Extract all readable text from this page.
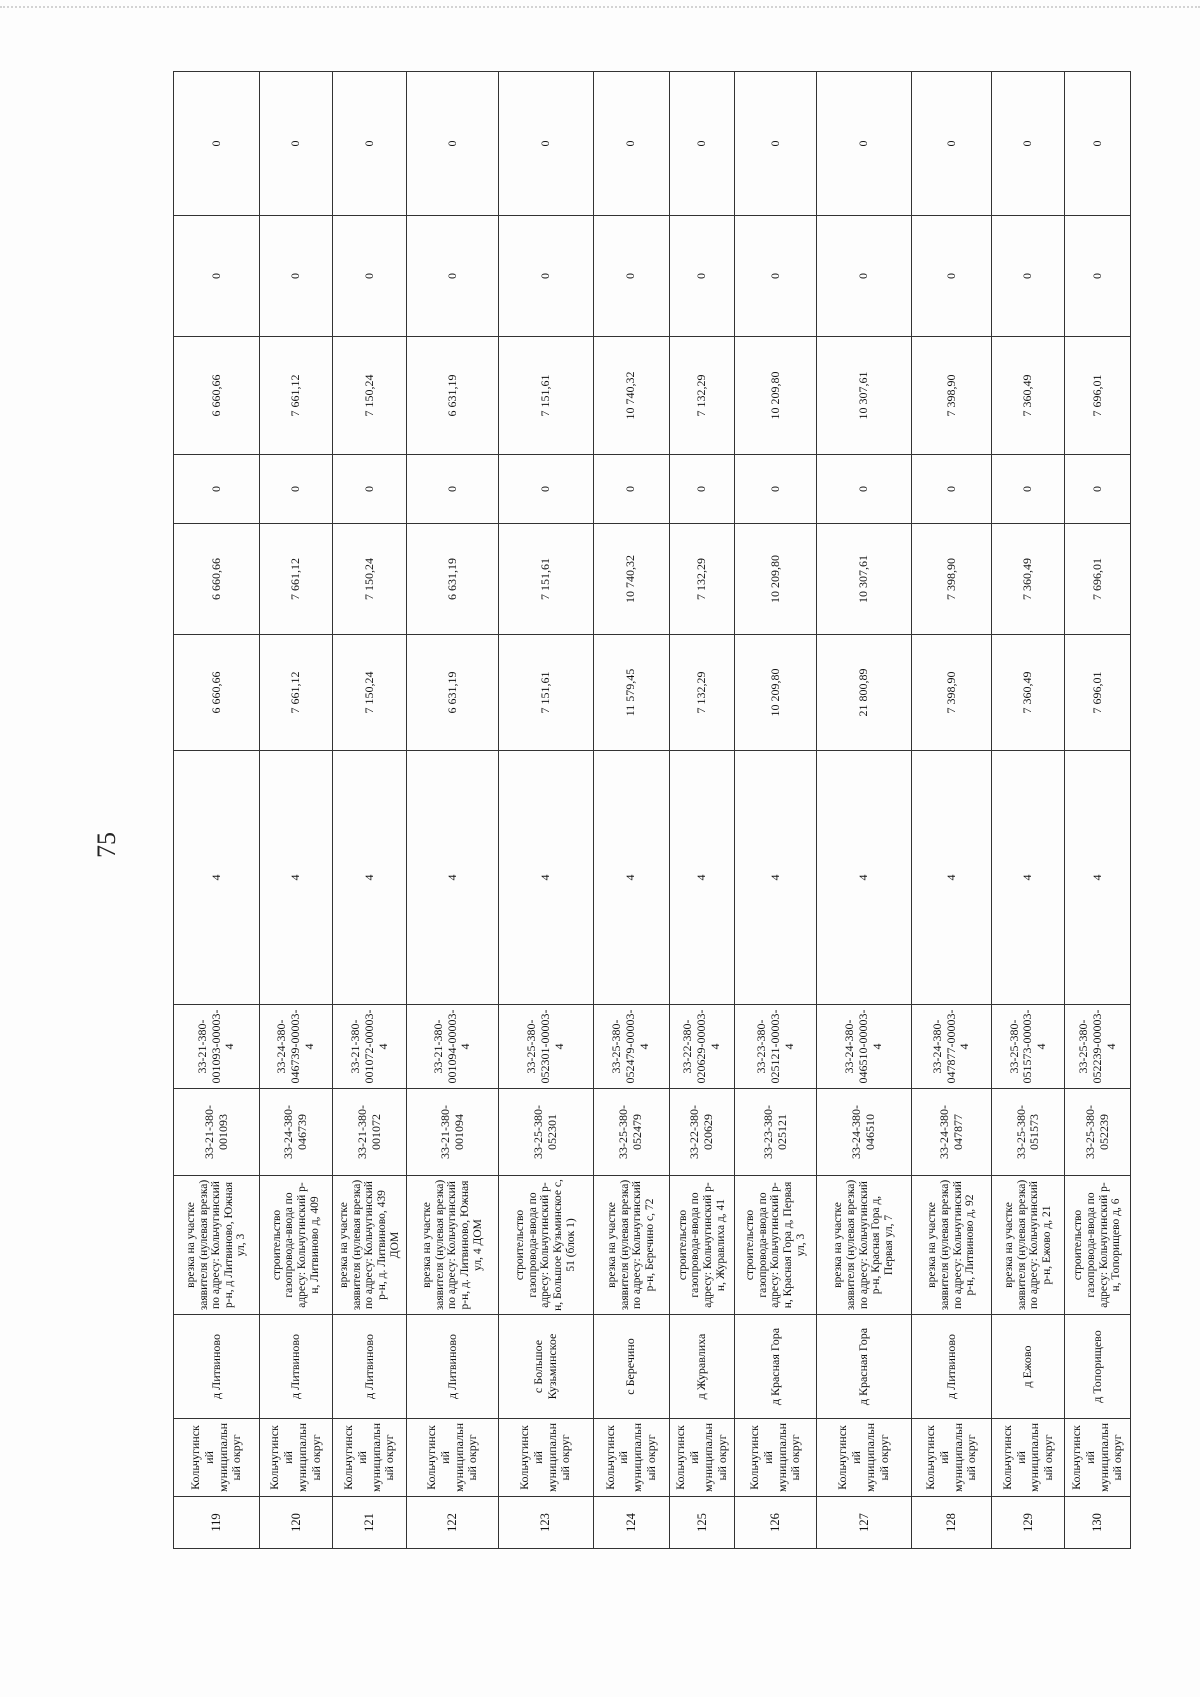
75
119	Кольчугинский муниципальный округ	д Литвиново	врезка на участке заявителя (нулевая врезка) по адресу: Кольчугинский р-н, д Литвиново, Южная ул, 3	33-21-380-001093	33-21-380-001093-00003-4	4	6 660,66	6 660,66	0	6 660,66	0	0
120	Кольчугинский муниципальный округ	д Литвиново	строительство газопровода-ввода по адресу: Кольчугинский р-н, Литвиново д, 409	33-24-380-046739	33-24-380-046739-00003-4	4	7 661,12	7 661,12	0	7 661,12	0	0
121	Кольчугинский муниципальный округ	д Литвиново	врезка на участке заявителя (нулевая врезка) по адресу: Кольчугинский р-н, д. Литвиново, 439 ДОМ	33-21-380-001072	33-21-380-001072-00003-4	4	7 150,24	7 150,24	0	7 150,24	0	0
122	Кольчугинский муниципальный округ	д Литвиново	врезка на участке заявителя (нулевая врезка) по адресу: Кольчугинский р-н, д. Литвиново, Южная ул, 4 ДОМ	33-21-380-001094	33-21-380-001094-00003-4	4	6 631,19	6 631,19	0	6 631,19	0	0
123	Кольчугинский муниципальный округ	с Большое Кузьминское	строительство газопровода-ввода по адресу: Кольчугинский р-н, Большое Кузьминское с, 51 (блок 1)	33-25-380-052301	33-25-380-052301-00003-4	4	7 151,61	7 151,61	0	7 151,61	0	0
124	Кольчугинский муниципальный округ	с Беречино	врезка на участке заявителя (нулевая врезка) по адресу: Кольчугинский р-н, Беречино с, 72	33-25-380-052479	33-25-380-052479-00003-4	4	11 579,45	10 740,32	0	10 740,32	0	0
125	Кольчугинский муниципальный округ	д Журавлиха	строительство газопровода-ввода по адресу: Кольчугинский р-н, Журавлиха д, 41	33-22-380-020629	33-22-380-020629-00003-4	4	7 132,29	7 132,29	0	7 132,29	0	0
126	Кольчугинский муниципальный округ	д Красная Гора	строительство газопровода-ввода по адресу: Кольчугинский р-н, Красная Гора д, Первая ул, 3	33-23-380-025121	33-23-380-025121-00003-4	4	10 209,80	10 209,80	0	10 209,80	0	0
127	Кольчугинский муниципальный округ	д Красная Гора	врезка на участке заявителя (нулевая врезка) по адресу: Кольчугинский р-н, Красная Гора д, Первая ул, 7	33-24-380-046510	33-24-380-046510-00003-4	4	21 800,89	10 307,61	0	10 307,61	0	0
128	Кольчугинский муниципальный округ	д Литвиново	врезка на участке заявителя (нулевая врезка) по адресу: Кольчугинский р-н, Литвиново д, 92	33-24-380-047877	33-24-380-047877-00003-4	4	7 398,90	7 398,90	0	7 398,90	0	0
129	Кольчугинский муниципальный округ	д Ежово	врезка на участке заявителя (нулевая врезка) по адресу: Кольчугинский р-н, Ежово д, 21	33-25-380-051573	33-25-380-051573-00003-4	4	7 360,49	7 360,49	0	7 360,49	0	0
130	Кольчугинский муниципальный округ	д Топорищево	строительство газопровода-ввода по адресу: Кольчугинский р-н, Топорищево д, 6	33-25-380-052239	33-25-380-052239-00003-4	4	7 696,01	7 696,01	0	7 696,01	0	0
